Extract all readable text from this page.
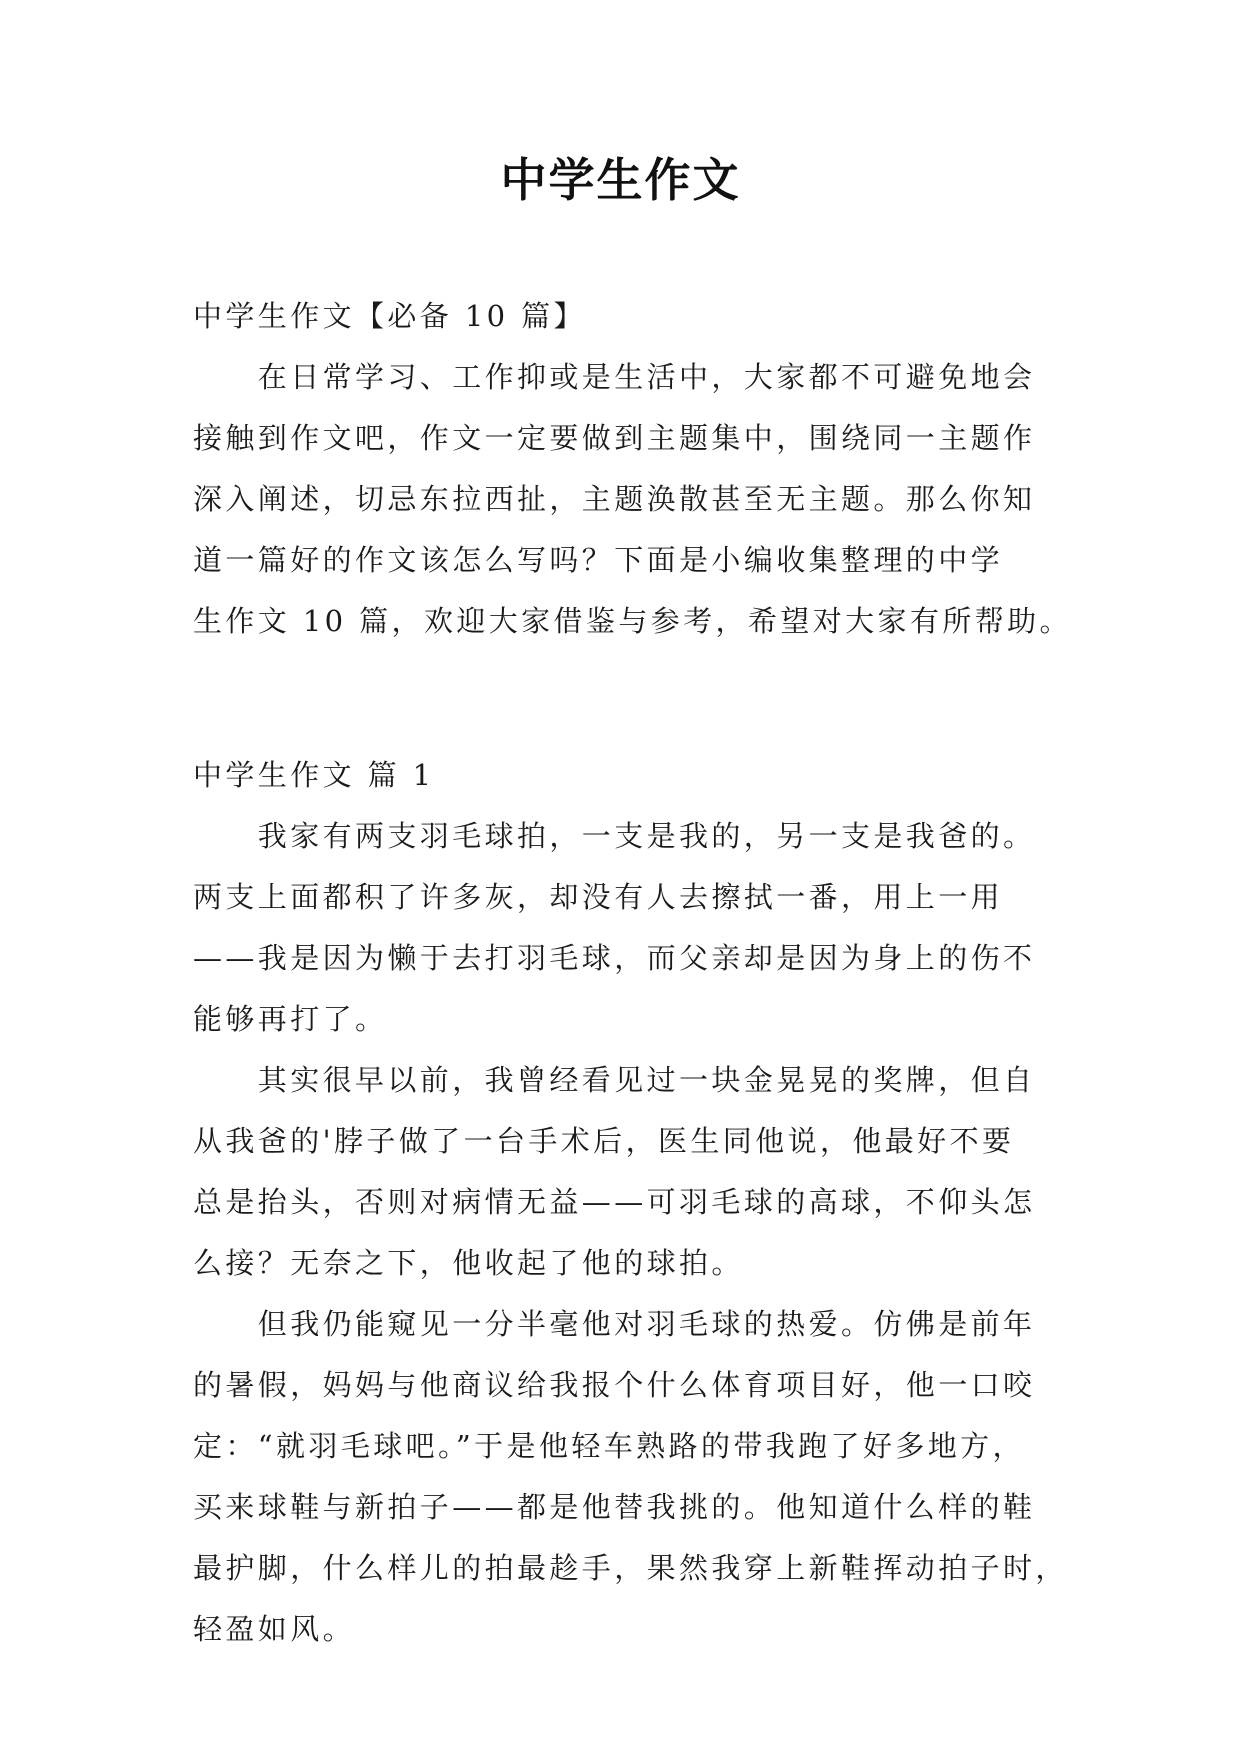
中学生作文
中学生作文【必备 10 篇】
　　在日常学习、工作抑或是生活中，大家都不可避免地会
接触到作文吧，作文一定要做到主题集中，围绕同一主题作
深入阐述，切忌东拉西扯，主题涣散甚至无主题。那么你知
道一篇好的作文该怎么写吗？下面是小编收集整理的中学
生作文 10 篇，欢迎大家借鉴与参考，希望对大家有所帮助。
中学生作文 篇 1
　　我家有两支羽毛球拍，一支是我的，另一支是我爸的。
两支上面都积了许多灰，却没有人去擦拭一番，用上一用
——我是因为懒于去打羽毛球，而父亲却是因为身上的伤不
能够再打了。
　　其实很早以前，我曾经看见过一块金晃晃的奖牌，但自
从我爸的'脖子做了一台手术后，医生同他说，他最好不要
总是抬头，否则对病情无益——可羽毛球的高球，不仰头怎
么接？无奈之下，他收起了他的球拍。
　　但我仍能窥见一分半毫他对羽毛球的热爱。仿佛是前年
的暑假，妈妈与他商议给我报个什么体育项目好，他一口咬
定：“就羽毛球吧。”于是他轻车熟路的带我跑了好多地方，
买来球鞋与新拍子——都是他替我挑的。他知道什么样的鞋
最护脚，什么样儿的拍最趁手，果然我穿上新鞋挥动拍子时，
轻盈如风。
